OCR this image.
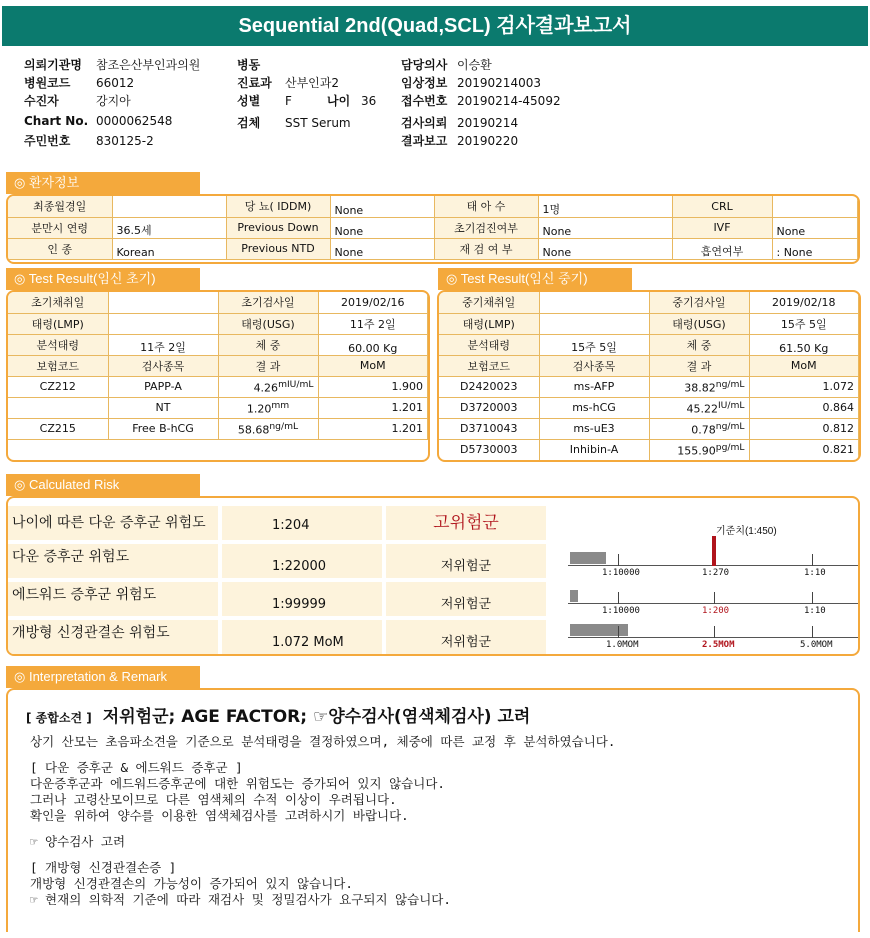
Sequential 2nd(Quad,SCL) 검사결과보고서
의뢰기관명 참조은산부인과의원
병원코드 66012
수진자	강지아
Chart No. 0000062548
주민번호 830125-2
병동
진료과 산부인과2
성별 F	나이 36
검체 SST Serum
담당의사 이승환
임상정보 20190214003
접수번호 20190214-45092
검사의뢰 20190214
결과보고 20190220
◎ 환자정보
최종월경일		당 뇨( IDDM)	None	태 아 수	1명	CRL	
분만시 연령	36.5세	Previous Down	None	초기검진여부	None	IVF	None
인 종	Korean	Previous NTD	None	재 검 여 부	None	흡연여부	: None
◎ Test Result(임신 초기)
초기채취일		초기검사일	2019/02/16
태령(LMP)		태령(USG)	11주 2일
분석태령	11주 2일	체 중	60.00 Kg
보험코드	검사종목	결 과	MoM
CZ212	PAPP-A	$4.26^{mIU/mL}$	1.900
	NT	$1.20^{mm}$	1.201
CZ215	Free B-hCG	$58.68^{ng/mL}$	1.201
◎ Test Result(임신 중기)
중기채취일		중기검사일	2019/02/18
태령(LMP)		태령(USG)	15주 5일
분석태령	15주 5일	체 중	61.50 Kg
보험코드	검사종목	결 과	MoM
D2420023	ms-AFP	$38.82^{ng/mL}$	1.072
D3720003	ms-hCG	$45.22^{IU/mL}$	0.864
D3710043	ms-uE3	$0.78^{ng/mL}$	0.812
D5730003	Inhibin-A	$155.90^{pg/mL}$	0.821
◎ Calculated Risk
나이에 따른 다운 증후군 위험도	1:204	고위험군
다운 증후군 위험도
1:22000	저위험군
에드워드 증후군 위험도
1:99999	저위험군
개방형 신경관결손 위험도
1.072 MoM	저위험군
기준치(1:450)
1:10000	1:270	1:10
1:10000	1:200	1:10
1.0MOM	2.5MOM	5.0MOM
◎ Interpretation & Remark
[ 종합소견 ] 저위험군; AGE FACTOR; ☞양수검사(염색체검사) 고려
상기 산모는 초음파소견을 기준으로 분석태령을 결정하였으며, 체중에 따른 교정 후 분석하였습니다.
[ 다운 증후군 & 에드워드 증후군 ]
다운증후군과 에드워드증후군에 대한 위험도는 증가되어 있지 않습니다.
그러나 고령산모이므로 다른 염색체의 수적 이상이 우려됩니다.
확인을 위하여 양수를 이용한 염색체검사를 고려하시기 바랍니다.
☞ 양수검사 고려
[ 개방형 신경관결손증 ]
개방형 신경관결손의 가능성이 증가되어 있지 않습니다.
☞ 현재의 의학적 기준에 따라 재검사 및 정밀검사가 요구되지 않습니다.
